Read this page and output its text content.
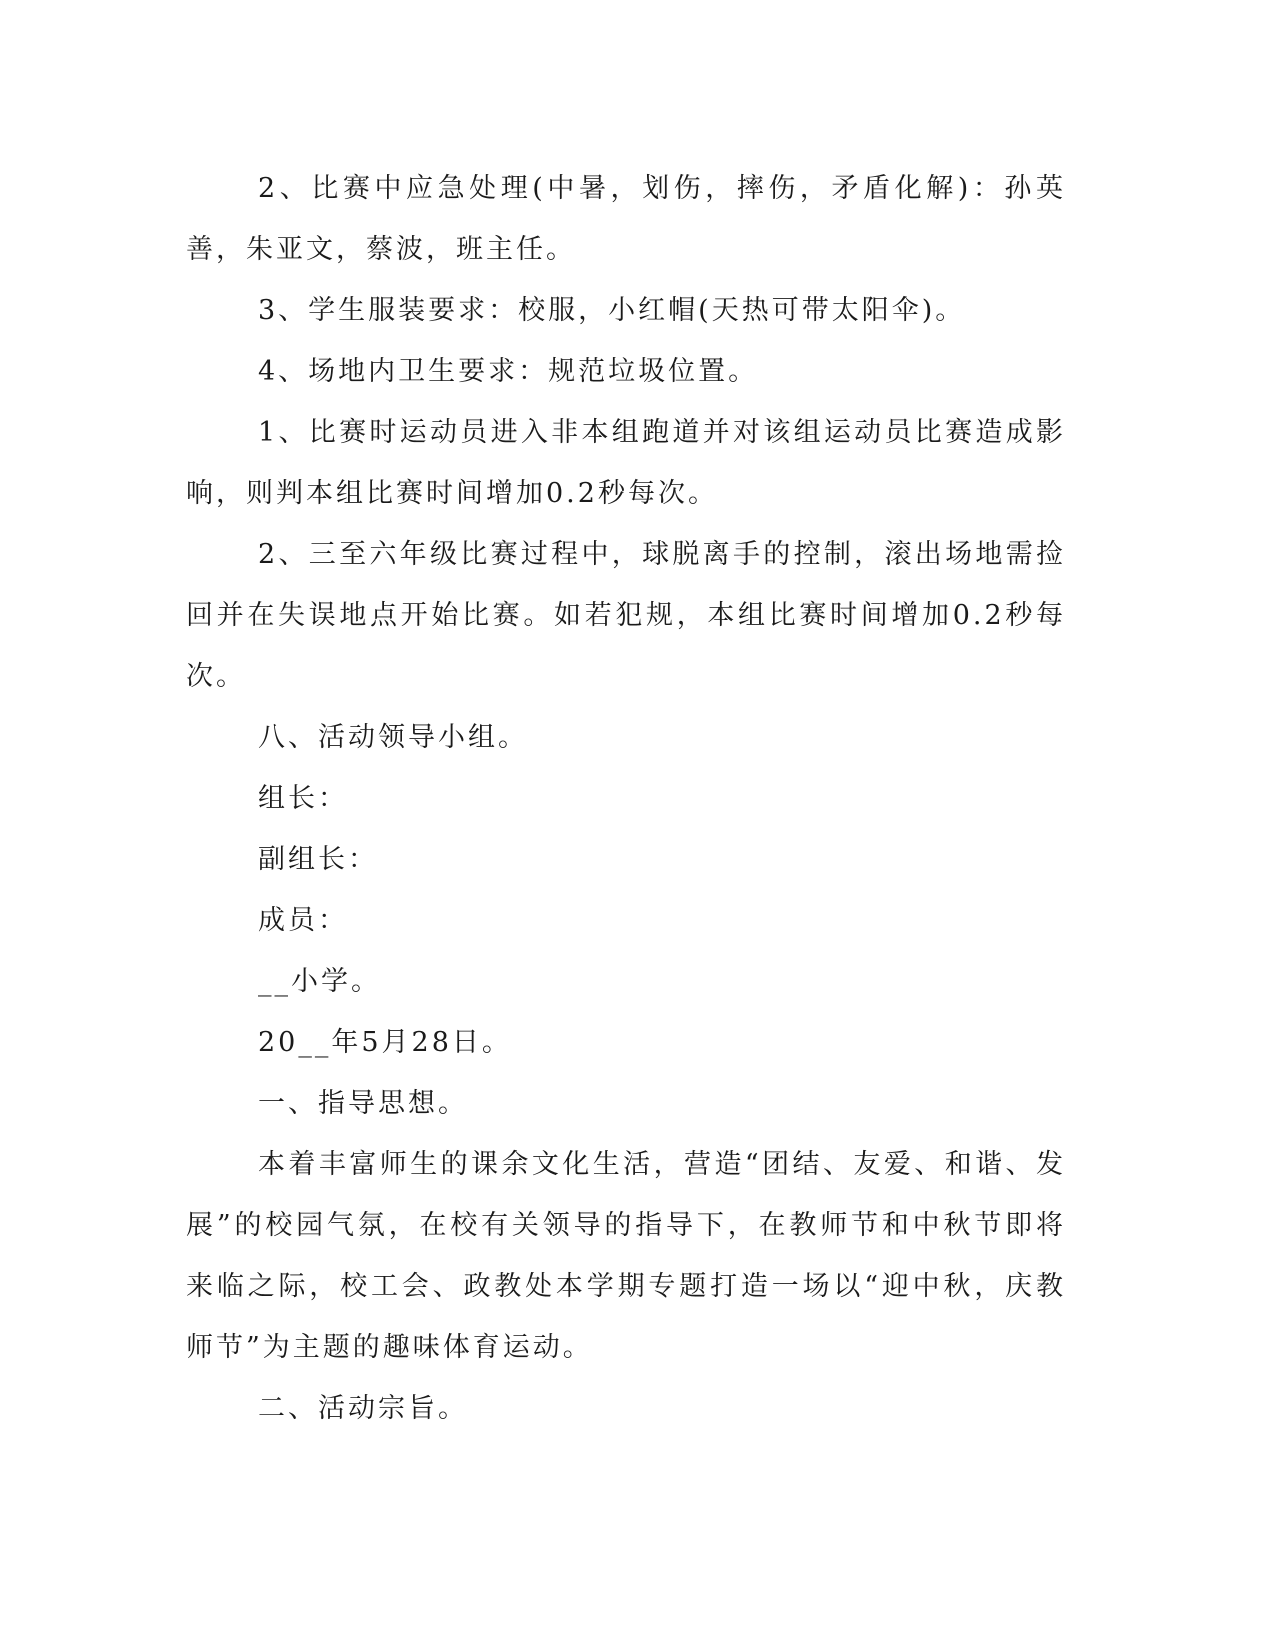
2、比赛中应急处理(中暑，划伤，摔伤，矛盾化解)：孙英善，朱亚文，蔡波，班主任。

3、学生服装要求：校服，小红帽(天热可带太阳伞)。

4、场地内卫生要求：规范垃圾位置。

1、比赛时运动员进入非本组跑道并对该组运动员比赛造成影响，则判本组比赛时间增加0.2秒每次。

2、三至六年级比赛过程中，球脱离手的控制，滚出场地需捡回并在失误地点开始比赛。如若犯规，本组比赛时间增加0.2秒每次。

八、活动领导小组。

组长：

副组长：

成员：

__小学。

20__年5月28日。

一、指导思想。

本着丰富师生的课余文化生活，营造“团结、友爱、和谐、发展”的校园气氛，在校有关领导的指导下，在教师节和中秋节即将来临之际，校工会、政教处本学期专题打造一场以“迎中秋，庆教师节”为主题的趣味体育运动。

二、活动宗旨。
